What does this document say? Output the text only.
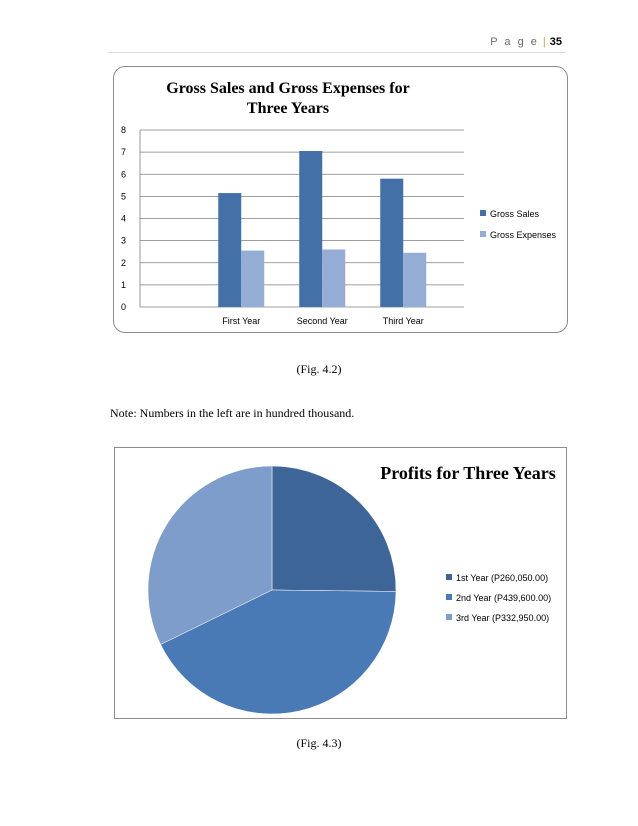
P a g e | 35
Gross Sales and Gross Expenses for
Three Years
0
1
2
3
4
5
6
7
8
First Year	Second Year	Third Year
Gross Sales
Gross Expenses
(Fig. 4.2)
Note: Numbers in the left are in hundred thousand.
Profits for Three Years
1st Year (P260,050.00)
2nd Year (P439,600.00)
3rd Year (P332,950.00)
(Fig. 4.3)
